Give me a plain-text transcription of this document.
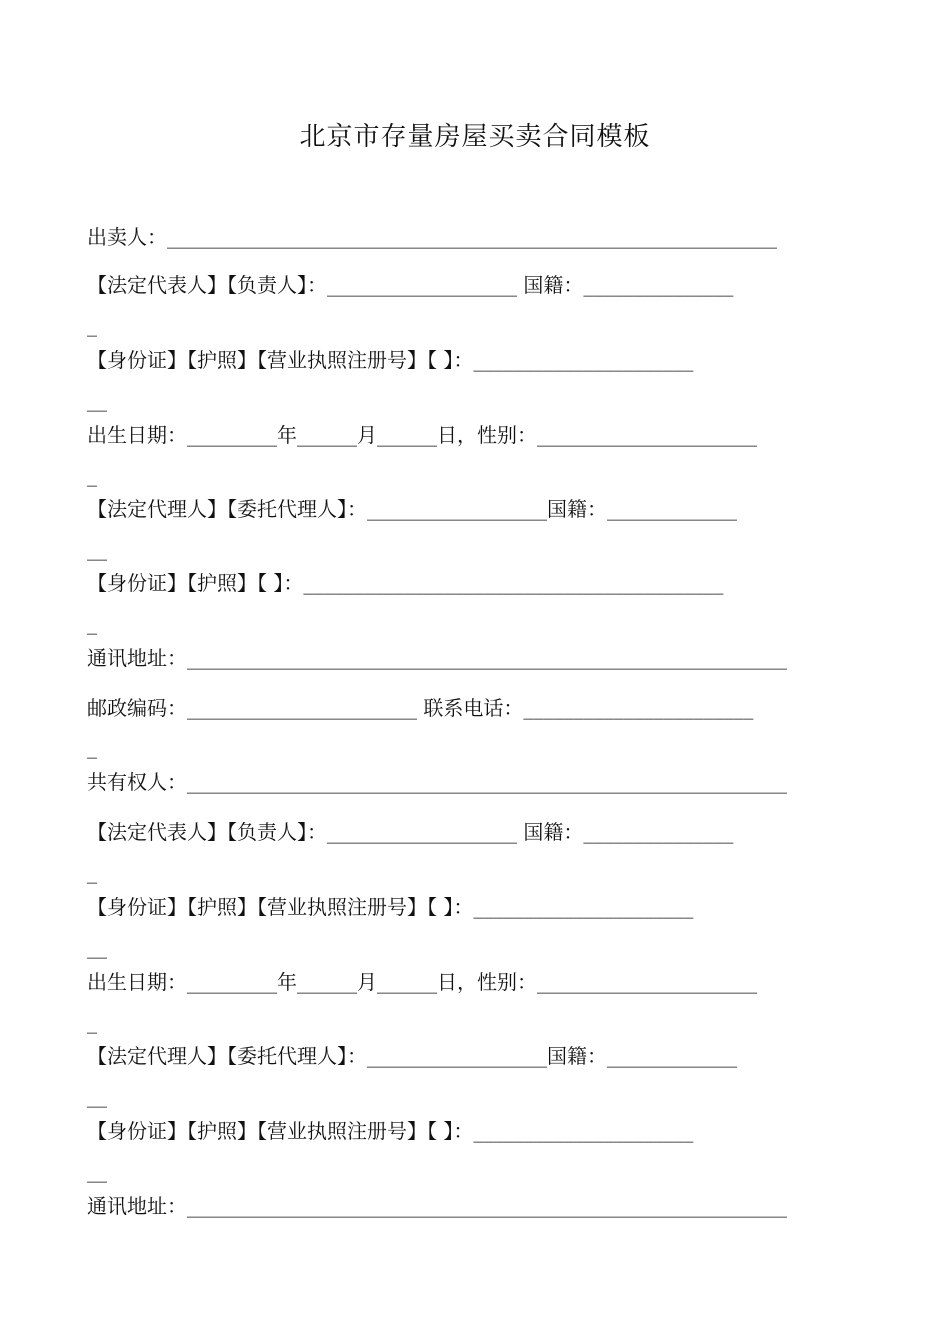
北京市存量房屋买卖合同模板
出卖人：_____________________________________________________________
【法定代表人】【负责人】：___________________ 国籍：_______________
_
【身份证】【护照】【营业执照注册号】【 】：______________________
__
出生日期：_________年______月______日，性别：______________________
_
【法定代理人】【委托代理人】：__________________国籍：_____________
__
【身份证】【护照】【 】：__________________________________________
_
通讯地址：____________________________________________________________
邮政编码：_______________________ 联系电话：_______________________
_
共有权人：____________________________________________________________
【法定代表人】【负责人】：___________________ 国籍：_______________
_
【身份证】【护照】【营业执照注册号】【 】：______________________
__
出生日期：_________年______月______日，性别：______________________
_
【法定代理人】【委托代理人】：__________________国籍：_____________
__
【身份证】【护照】【营业执照注册号】【 】：______________________
__
通讯地址：____________________________________________________________
